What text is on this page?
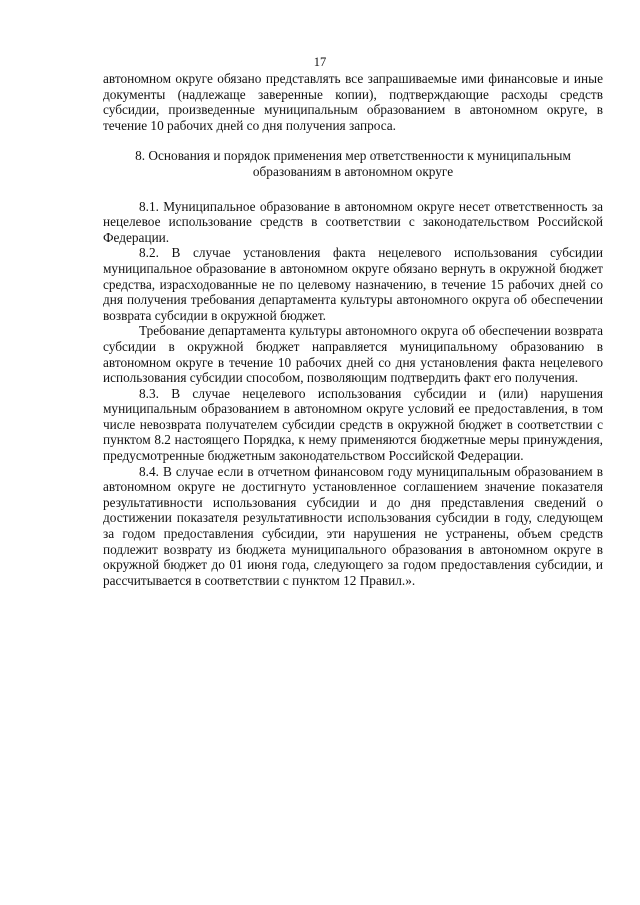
17

автономном округе обязано представлять все запрашиваемые ими финансовые и иные документы (надлежаще заверенные копии), подтверждающие расходы средств субсидии, произведенные муниципальным образованием в автономном округе, в течение 10 рабочих дней со дня получения запроса.

8. Основания и порядок применения мер ответственности к муниципальным образованиям в автономном округе

8.1. Муниципальное образование в автономном округе несет ответственность за нецелевое использование средств в соответствии с законодательством Российской Федерации.

8.2. В случае установления факта нецелевого использования субсидии муниципальное образование в автономном округе обязано вернуть в окружной бюджет средства, израсходованные не по целевому назначению, в течение 15 рабочих дней со дня получения требования департамента культуры автономного округа об обеспечении возврата субсидии в окружной бюджет.

Требование департамента культуры автономного округа об обеспечении возврата субсидии в окружной бюджет направляется муниципальному образованию в автономном округе в течение 10 рабочих дней со дня установления факта нецелевого использования субсидии способом, позволяющим подтвердить факт его получения.

8.3. В случае нецелевого использования субсидии и (или) нарушения муниципальным образованием в автономном округе условий ее предоставления, в том числе невозврата получателем субсидии средств в окружной бюджет в соответствии с пунктом 8.2 настоящего Порядка, к нему применяются бюджетные меры принуждения, предусмотренные бюджетным законодательством Российской Федерации.

8.4. В случае если в отчетном финансовом году муниципальным образованием в автономном округе не достигнуто установленное соглашением значение показателя результативности использования субсидии и до дня представления сведений о достижении показателя результативности использования субсидии в году, следующем за годом предоставления субсидии, эти нарушения не устранены, объем средств подлежит возврату из бюджета муниципального образования в автономном округе в окружной бюджет до 01 июня года, следующего за годом предоставления субсидии, и рассчитывается в соответствии с пунктом 12 Правил.».
